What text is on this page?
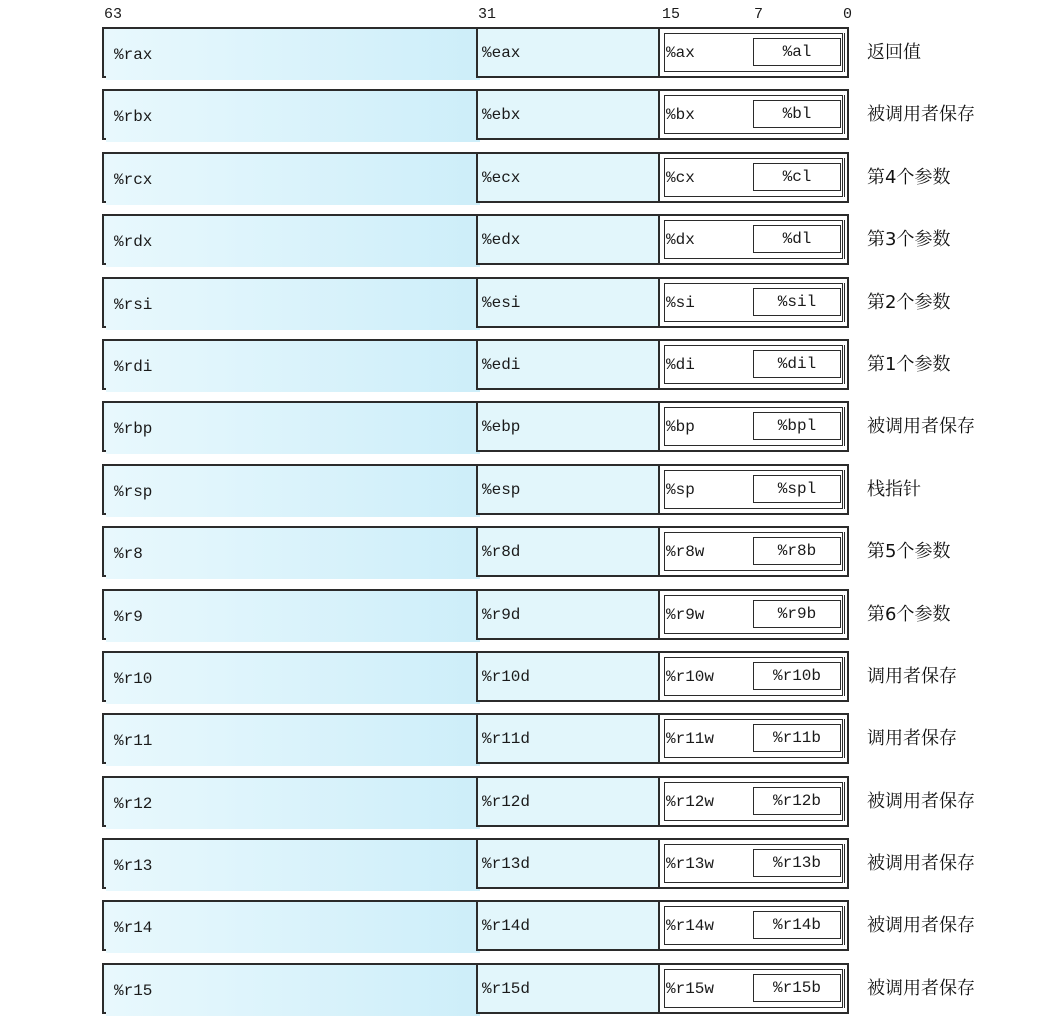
63	31	15	7	0
%rax	%eax	%ax	%al	返回值
%rbx	%ebx	%bx	%bl	被调用者保存
%rcx	%ecx	%cx	%cl	第4个参数
%rdx	%edx	%dx	%dl	第3个参数
%rsi	%esi	%si	%sil	第2个参数
%rdi	%edi	%di	%dil	第1个参数
%rbp	%ebp	%bp	%bpl	被调用者保存
%rsp	%esp	%sp	%spl	栈指针
%r8	%r8d	%r8w	%r8b	第5个参数
%r9	%r9d	%r9w	%r9b	第6个参数
%r10	%r10d	%r10w	%r10b	调用者保存
%r11	%r11d	%r11w	%r11b	调用者保存
%r12	%r12d	%r12w	%r12b	被调用者保存
%r13	%r13d	%r13w	%r13b	被调用者保存
%r14	%r14d	%r14w	%r14b	被调用者保存
%r15	%r15d	%r15w	%r15b	被调用者保存
